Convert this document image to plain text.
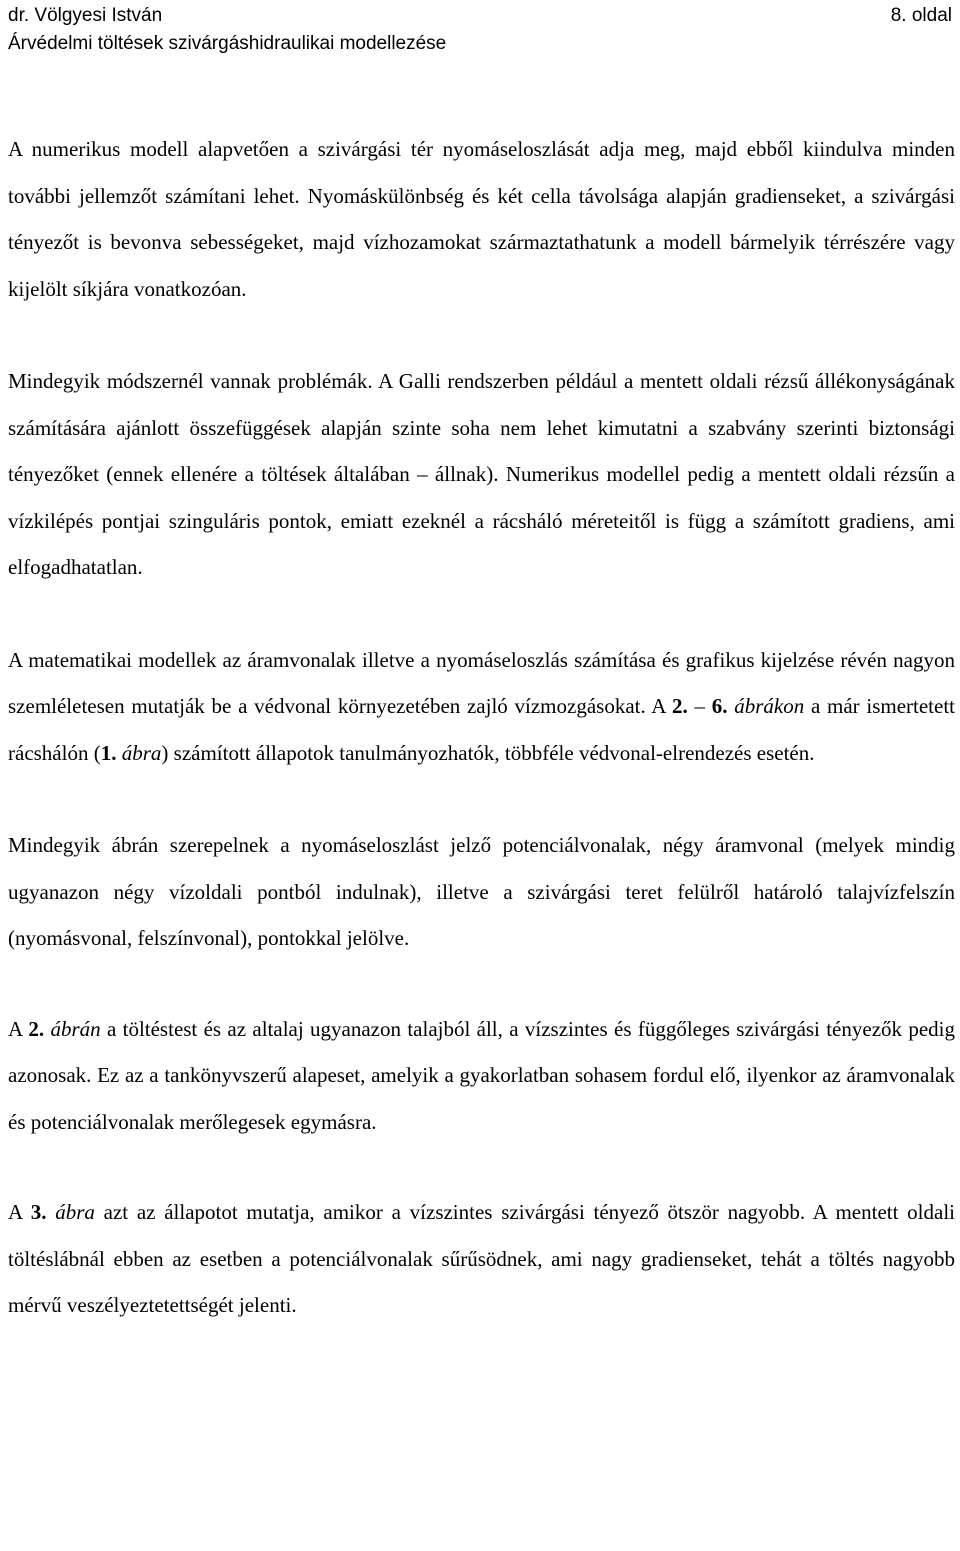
dr. Völgyesi István	8. oldal
Árvédelmi töltések szivárgáshidraulikai modellezése

A numerikus modell alapvetően a szivárgási tér nyomáseloszlását adja meg, majd ebből kiindulva minden további jellemzőt számítani lehet. Nyomáskülönbség és két cella távolsága alapján gradienseket, a szivárgási tényezőt is bevonva sebességeket, majd vízhozamokat származtathatunk a modell bármelyik térrészére vagy kijelölt síkjára vonatkozóan.

Mindegyik módszernél vannak problémák. A Galli rendszerben például a mentett oldali rézsű állékonyságának számítására ajánlott összefüggések alapján szinte soha nem lehet kimutatni a szabvány szerinti biztonsági tényezőket (ennek ellenére a töltések általában – állnak). Numerikus modellel pedig a mentett oldali rézsűn a vízkilépés pontjai szinguláris pontok, emiatt ezeknél a rácsháló méreteitől is függ a számított gradiens, ami elfogadhatatlan.

A matematikai modellek az áramvonalak illetve a nyomáseloszlás számítása és grafikus kijelzése révén nagyon szemléletesen mutatják be a védvonal környezetében zajló vízmozgásokat. A 2. – 6. ábrákon a már ismertetett rácshálón (1. ábra) számított állapotok tanulmányozhatók, többféle védvonal-elrendezés esetén.

Mindegyik ábrán szerepelnek a nyomáseloszlást jelző potenciálvonalak, négy áramvonal (melyek mindig ugyanazon négy vízoldali pontból indulnak), illetve a szivárgási teret felülről határoló talajvízfelszín (nyomásvonal, felszínvonal), pontokkal jelölve.

A 2. ábrán a töltéstest és az altalaj ugyanazon talajból áll, a vízszintes és függőleges szivárgási tényezők pedig azonosak. Ez az a tankönyvszerű alapeset, amelyik a gyakorlatban sohasem fordul elő, ilyenkor az áramvonalak és potenciálvonalak merőlegesek egymásra.

A 3. ábra azt az állapotot mutatja, amikor a vízszintes szivárgási tényező ötször nagyobb. A mentett oldali töltéslábnál ebben az esetben a potenciálvonalak sűrűsödnek, ami nagy gradienseket, tehát a töltés nagyobb mérvű veszélyeztetettségét jelenti.
